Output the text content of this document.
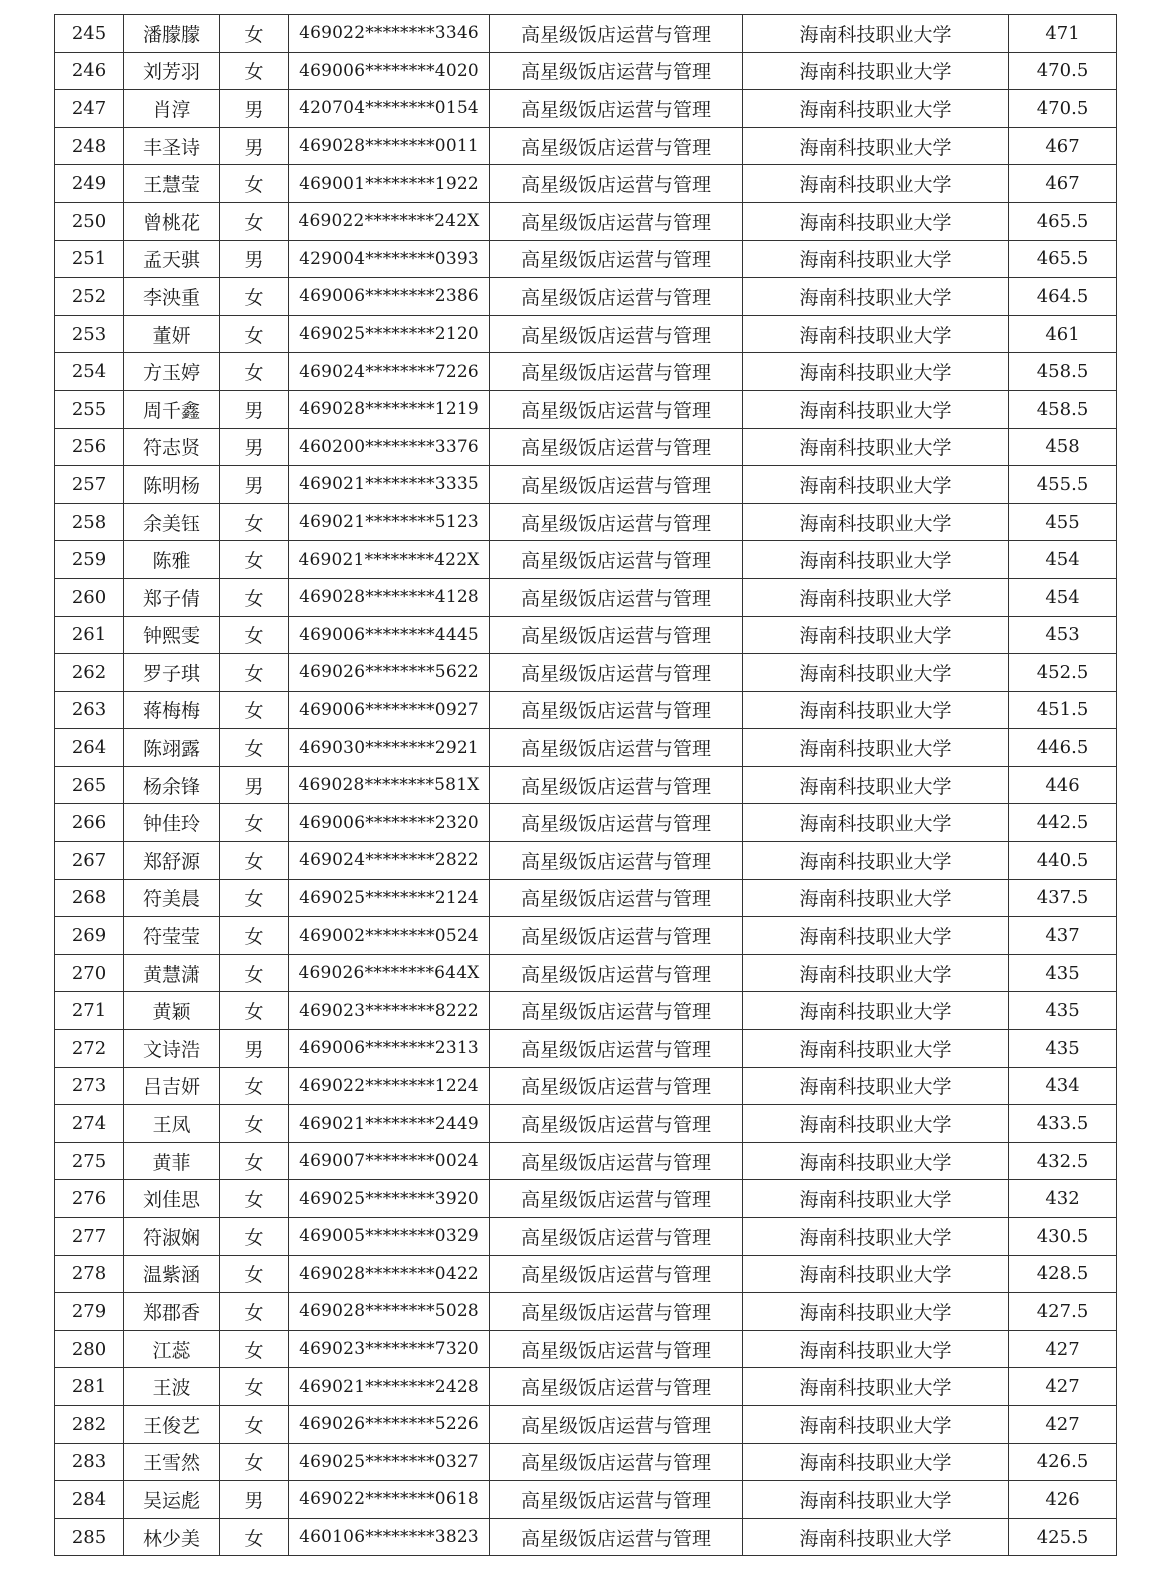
245	潘朦朦	女	469022********3346	高星级饭店运营与管理	海南科技职业大学	471
246	刘芳羽	女	469006********4020	高星级饭店运营与管理	海南科技职业大学	470.5
247	肖淳	男	420704********0154	高星级饭店运营与管理	海南科技职业大学	470.5
248	丰圣诗	男	469028********0011	高星级饭店运营与管理	海南科技职业大学	467
249	王慧莹	女	469001********1922	高星级饭店运营与管理	海南科技职业大学	467
250	曾桃花	女	469022********242X	高星级饭店运营与管理	海南科技职业大学	465.5
251	孟天骐	男	429004********0393	高星级饭店运营与管理	海南科技职业大学	465.5
252	李泱重	女	469006********2386	高星级饭店运营与管理	海南科技职业大学	464.5
253	董妍	女	469025********2120	高星级饭店运营与管理	海南科技职业大学	461
254	方玉婷	女	469024********7226	高星级饭店运营与管理	海南科技职业大学	458.5
255	周千鑫	男	469028********1219	高星级饭店运营与管理	海南科技职业大学	458.5
256	符志贤	男	460200********3376	高星级饭店运营与管理	海南科技职业大学	458
257	陈明杨	男	469021********3335	高星级饭店运营与管理	海南科技职业大学	455.5
258	余美钰	女	469021********5123	高星级饭店运营与管理	海南科技职业大学	455
259	陈雅	女	469021********422X	高星级饭店运营与管理	海南科技职业大学	454
260	郑子倩	女	469028********4128	高星级饭店运营与管理	海南科技职业大学	454
261	钟熙雯	女	469006********4445	高星级饭店运营与管理	海南科技职业大学	453
262	罗子琪	女	469026********5622	高星级饭店运营与管理	海南科技职业大学	452.5
263	蒋梅梅	女	469006********0927	高星级饭店运营与管理	海南科技职业大学	451.5
264	陈翊露	女	469030********2921	高星级饭店运营与管理	海南科技职业大学	446.5
265	杨余锋	男	469028********581X	高星级饭店运营与管理	海南科技职业大学	446
266	钟佳玲	女	469006********2320	高星级饭店运营与管理	海南科技职业大学	442.5
267	郑舒源	女	469024********2822	高星级饭店运营与管理	海南科技职业大学	440.5
268	符美晨	女	469025********2124	高星级饭店运营与管理	海南科技职业大学	437.5
269	符莹莹	女	469002********0524	高星级饭店运营与管理	海南科技职业大学	437
270	黄慧潇	女	469026********644X	高星级饭店运营与管理	海南科技职业大学	435
271	黄颖	女	469023********8222	高星级饭店运营与管理	海南科技职业大学	435
272	文诗浩	男	469006********2313	高星级饭店运营与管理	海南科技职业大学	435
273	吕吉妍	女	469022********1224	高星级饭店运营与管理	海南科技职业大学	434
274	王凤	女	469021********2449	高星级饭店运营与管理	海南科技职业大学	433.5
275	黄菲	女	469007********0024	高星级饭店运营与管理	海南科技职业大学	432.5
276	刘佳思	女	469025********3920	高星级饭店运营与管理	海南科技职业大学	432
277	符淑娴	女	469005********0329	高星级饭店运营与管理	海南科技职业大学	430.5
278	温紫涵	女	469028********0422	高星级饭店运营与管理	海南科技职业大学	428.5
279	郑郡香	女	469028********5028	高星级饭店运营与管理	海南科技职业大学	427.5
280	江蕊	女	469023********7320	高星级饭店运营与管理	海南科技职业大学	427
281	王波	女	469021********2428	高星级饭店运营与管理	海南科技职业大学	427
282	王俊艺	女	469026********5226	高星级饭店运营与管理	海南科技职业大学	427
283	王雪然	女	469025********0327	高星级饭店运营与管理	海南科技职业大学	426.5
284	吴运彪	男	469022********0618	高星级饭店运营与管理	海南科技职业大学	426
285	林少美	女	460106********3823	高星级饭店运营与管理	海南科技职业大学	425.5
